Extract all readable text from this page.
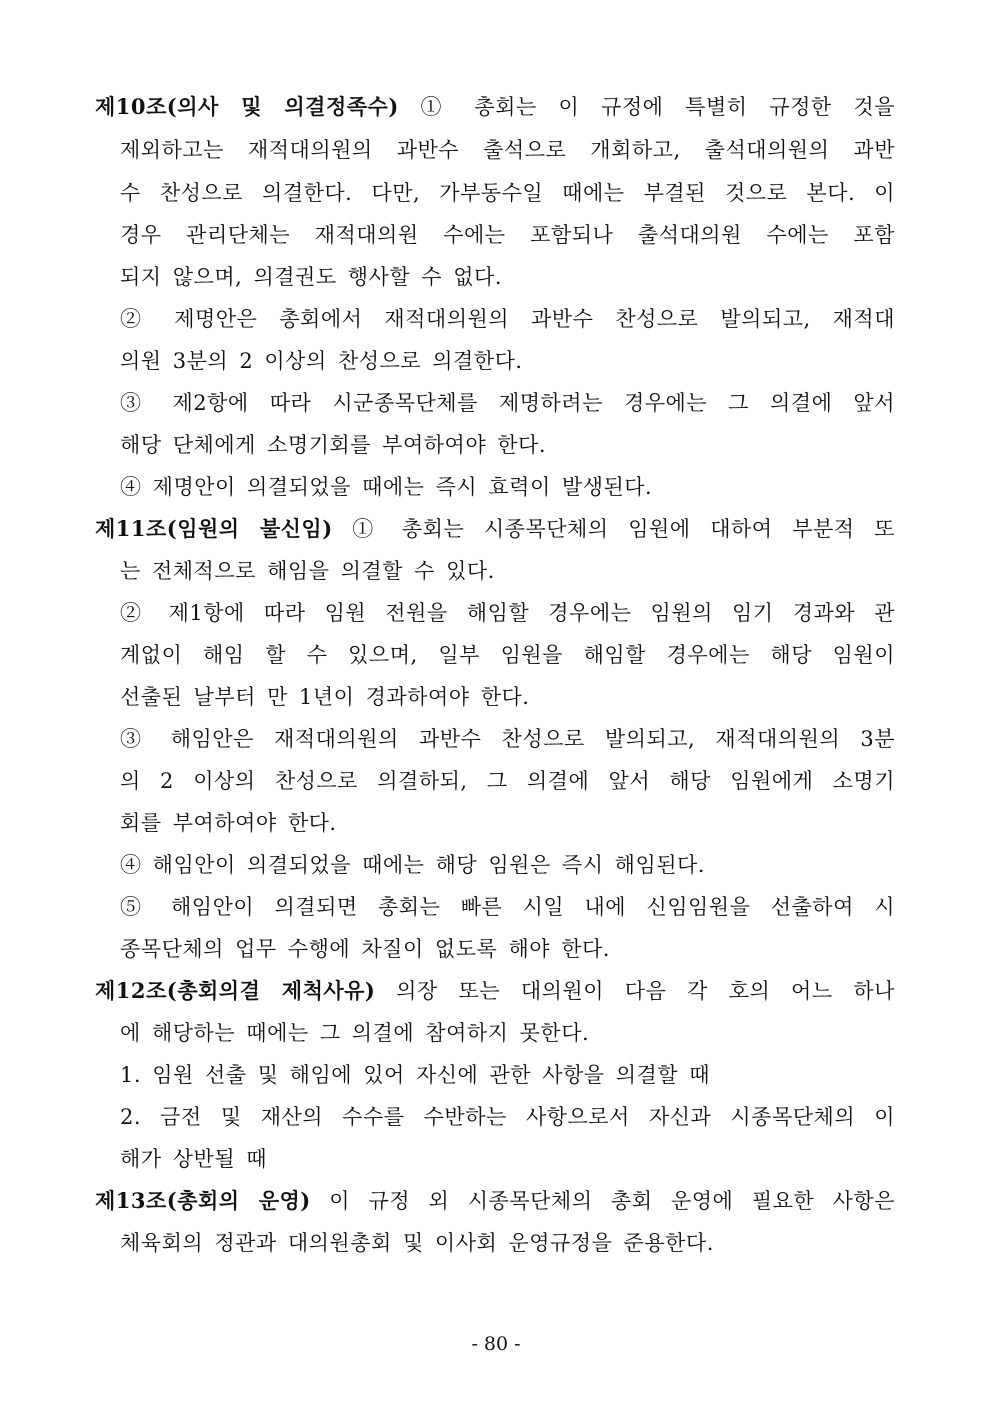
제10조(의사 및 의결정족수) ① 총회는 이 규정에 특별히 규정한 것을
제외하고는 재적대의원의 과반수 출석으로 개회하고, 출석대의원의 과반
수 찬성으로 의결한다. 다만, 가부동수일 때에는 부결된 것으로 본다. 이
경우 관리단체는 재적대의원 수에는 포함되나 출석대의원 수에는 포함
되지 않으며, 의결권도 행사할 수 없다.
② 제명안은 총회에서 재적대의원의 과반수 찬성으로 발의되고, 재적대
의원 3분의 2 이상의 찬성으로 의결한다.
③ 제2항에 따라 시군종목단체를 제명하려는 경우에는 그 의결에 앞서
해당 단체에게 소명기회를 부여하여야 한다.
④ 제명안이 의결되었을 때에는 즉시 효력이 발생된다.
제11조(임원의 불신임) ① 총회는 시종목단체의 임원에 대하여 부분적 또
는 전체적으로 해임을 의결할 수 있다.
② 제1항에 따라 임원 전원을 해임할 경우에는 임원의 임기 경과와 관
계없이 해임 할 수 있으며, 일부 임원을 해임할 경우에는 해당 임원이
선출된 날부터 만 1년이 경과하여야 한다.
③ 해임안은 재적대의원의 과반수 찬성으로 발의되고, 재적대의원의 3분
의 2 이상의 찬성으로 의결하되, 그 의결에 앞서 해당 임원에게 소명기
회를 부여하여야 한다.
④ 해임안이 의결되었을 때에는 해당 임원은 즉시 해임된다.
⑤ 해임안이 의결되면 총회는 빠른 시일 내에 신임임원을 선출하여 시
종목단체의 업무 수행에 차질이 없도록 해야 한다.
제12조(총회의결 제척사유) 의장 또는 대의원이 다음 각 호의 어느 하나
에 해당하는 때에는 그 의결에 참여하지 못한다.
1. 임원 선출 및 해임에 있어 자신에 관한 사항을 의결할 때
2. 금전 및 재산의 수수를 수반하는 사항으로서 자신과 시종목단체의 이
해가 상반될 때
제13조(총회의 운영) 이 규정 외 시종목단체의 총회 운영에 필요한 사항은
체육회의 정관과 대의원총회 및 이사회 운영규정을 준용한다.
- 80 -
